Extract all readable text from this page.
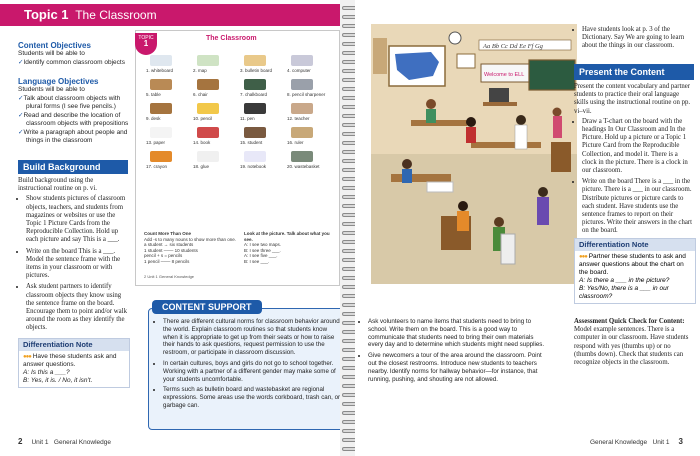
Topic 1 The Classroom

Content Objectives

Students will be able to
✓ Identify common classroom objects

Language Objectives

Students will be able to
✓ Talk about classroom objects with plural forms (I see five pencils.)
✓ Read and describe the location of classroom objects with prepositions
✓ Write a paragraph about people and things in the classroom
Build Background
Build background using the instructional routine on p. vi.
• Show students pictures of classroom objects, teachers, and students from magazines or websites or use the Topic 1 Picture Cards from the Reproducible Collection. Hold up each picture and say This is a ___.
• Write on the board This is a ___. Model the sentence frame with the items in your classroom or with pictures.
• Ask student partners to identify classroom objects they know using the sentence frame on the board. Encourage them to point and/or walk around the room as they identify the objects.
Differentiation Note
●●● Have these students ask and answer questions.
A: Is this a ___?
B: Yes, it is. / No, it isn't.
TOPIC
1
The Classroom
1. whiteboard	2. map	3. bulletin board	4. computer
5. table	6. chair	7. chalkboard	8. pencil sharpener
9. desk	10. pencil	11. pen	12. teacher
13. paper	14. book	15. student	16. ruler
17. crayon	18. glue	19. notebook	20. wastebasket
Count More Than One
Add -s to many nouns to show more than one.
a student → six students
1 student ─── 10 students
pencil + s = pencils
1 pencil ─── 8 pencils
Look at the picture. Talk about what you see.
A: I see two maps.
B: I see three ___.
A: I see five ___.
B: I see ___.
2 Unit 1 General Knowledge
2 Unit 1 General Knowledge
CONTENT SUPPORT
• There are different cultural norms for classroom behavior around the world. Explain classroom routines so that students know when it is appropriate to get up from their seats or how to raise their hands to ask questions, request permission to use the restroom, or participate in classroom discussion.
• In certain cultures, boys and girls do not go to school together. Working with a partner of a different gender may make some of your students uncomfortable.
• Terms such as bulletin board and wastebasket are regional expressions. Some areas use the words corkboard, trash can, or garbage can.
Aa Bb Cc Dd Ee Ff Gg
Welcome to ELL
• Have students look at p. 3 of the Dictionary. Say We are going to learn about the things in our classroom.
Present the Content
Present the content vocabulary and partner students to practice their oral language skills using the instructional routine on pp. vi–vii.
• Draw a T-chart on the board with the headings In Our Classroom and In the Picture. Hold up a picture or a Topic 1 Picture Card from the Reproducible Collection, and model it. There is a clock in the picture. There is a clock in our classroom.
• Write on the board There is a ___ in the picture. There is a ___ in our classroom. Distribute pictures or picture cards to each student. Have students use the sentence frames to report on their pictures. Write their answers in the chart on the board.
Differentiation Note
●●● Partner these students to ask and answer questions about the chart on the board.
A: Is there a ___ in the picture?
B: Yes/No, there is a ___ in our classroom?
Assessment Quick Check for Content: Model example sentences. There is a computer in our classroom. Have students respond with yes (thumbs up) or no (thumbs down). Check that students can recognize objects in the classroom.
General Knowledge Unit 1 3
• Ask volunteers to name items that students need to bring to school. Write them on the board. This is a good way to communicate that students need to bring their own materials every day and to determine which students might need supplies.
• Give newcomers a tour of the area around the classroom. Point out the closest restrooms. Introduce new students to teachers nearby. Identify norms for hallway behavior—for instance, that running, pushing, and shouting are not allowed.
